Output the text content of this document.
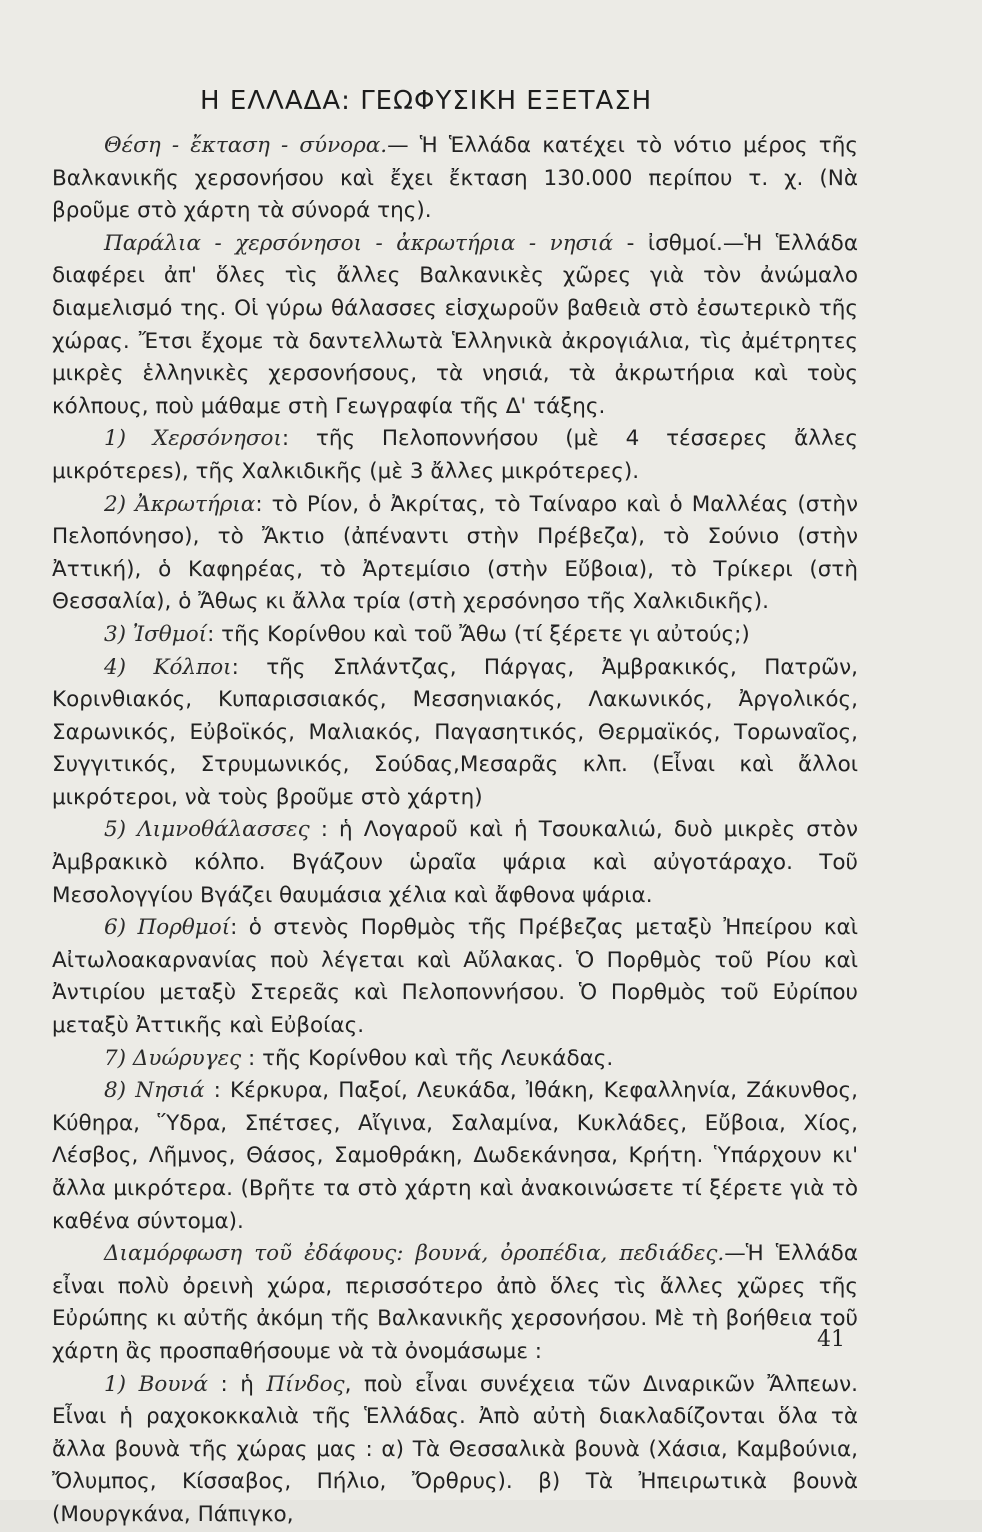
Η ΕΛΛΑΔΑ: ΓΕΩΦΥΣΙΚΗ ΕΞΕΤΑΣΗ

Θέση - ἔκταση - σύνορα.— Ἡ Ἑλλάδα κατέχει τὸ νότιο μέρος τῆς Βαλκανικῆς χερσονήσου καὶ ἔχει ἔκταση 130.000 περίπου τ. χ. (Νὰ βροῦμε στὸ χάρτη τὰ σύνορά της).

Παράλια - χερσόνησοι - ἀκρωτήρια - νησιά - ἰσθμοί.—Ἡ Ἑλλάδα διαφέρει ἀπ' ὅλες τὶς ἄλλες Βαλκανικὲς χῶρες γιὰ τὸν ἀνώμαλο διαμελισμό της. Οἱ γύρω θάλασσες εἰσχωροῦν βαθειὰ στὸ ἐσωτερικὸ τῆς χώρας. Ἔτσι ἔχομε τὰ δαντελλωτὰ Ἑλληνικὰ ἀκρογιάλια, τὶς ἀμέτρητες μικρὲς ἑλληνικὲς χερσονήσους, τὰ νησιά, τὰ ἀκρωτήρια καὶ τοὺς κόλπους, ποὺ μάθαμε στὴ Γεωγραφία τῆς Δ' τάξης.

1) Χερσόνησοι: τῆς Πελοποννήσου (μὲ 4 τέσσερες ἄλλες μικρότερεs), τῆς Χαλκιδικῆς (μὲ 3 ἄλλες μικρότερες).

2) Ἀκρωτήρια: τὸ Ρίον, ὁ Ἀκρίτας, τὸ Ταίναρο καὶ ὁ Μαλλέας (στὴν Πελοπόνησο), τὸ Ἄκτιο (ἀπέναντι στὴν Πρέβεζα), τὸ Σούνιο (στὴν Ἀττική), ὁ Καφηρέας, τὸ Ἀρτεμίσιο (στὴν Εὔβοια), τὸ Τρίκερι (στὴ Θεσσαλία), ὁ Ἄθως κι ἄλλα τρία (στὴ χερσόνησο τῆς Χαλκιδικῆς).

3) Ἰσθμοί: τῆς Κορίνθου καὶ τοῦ Ἄθω (τί ξέρετε γι αὐτούς;)

4) Κόλποι: τῆς Σπλάντζας, Πάργας, Ἀμβρακικός, Πατρῶν, Κορινθιακός, Κυπαρισσιακός, Μεσσηνιακός, Λακωνικός, Ἀργολικός, Σαρωνικός, Εὐβοϊκός, Μαλιακός, Παγασητικός, Θερμαϊκός, Τορωναῖος, Συγγιτικός, Στρυμωνικός, Σούδας,Μεσαρᾶς κλπ. (Εἶναι καὶ ἄλλοι μικρότεροι, νὰ τοὺς βροῦμε στὸ χάρτη)

5) Λιμνοθάλασσες : ἡ Λογαροῦ καὶ ἡ Τσουκαλιώ, δυὸ μικρὲς στὸν Ἀμβρακικὸ κόλπο. Βγάζουν ὡραῖα ψάρια καὶ αὐγοτάραχο. Τοῦ Μεσολογγίου Βγάζει θαυμάσια χέλια καὶ ἄφθονα ψάρια.

6) Πορθμοί: ὁ στενὸς Πορθμὸς τῆς Πρέβεζας μεταξὺ Ἠπείρου καὶ Αἰτωλοακαρνανίας ποὺ λέγεται καὶ Αὔλακας. Ὁ Πορθμὸς τοῦ Ρίου καὶ Ἀντιρίου μεταξὺ Στερεᾶς καὶ Πελοποννήσου. Ὁ Πορθμὸς τοῦ Εὐρίπου μεταξὺ Ἀττικῆς καὶ Εὐβοίας.

7) Δυώρυγες : τῆς Κορίνθου καὶ τῆς Λευκάδας.

8) Νησιά : Κέρκυρα, Παξοί, Λευκάδα, Ἰθάκη, Κεφαλληνία, Ζάκυνθος, Κύθηρα, Ὕδρα, Σπέτσες, Αἴγινα, Σαλαμίνα, Κυκλάδες, Εὔβοια, Χίος, Λέσβος, Λῆμνος, Θάσος, Σαμοθράκη, Δωδεκάνησα, Κρήτη. Ὑπάρχουν κι' ἄλλα μικρότερα. (Βρῆτε τα στὸ χάρτη καὶ ἀνακοινώσετε τί ξέρετε γιὰ τὸ καθένα σύντομα).

Διαμόρφωση τοῦ ἐδάφους: βουνά, ὀροπέδια, πεδιάδες.—Ἡ Ἑλλάδα εἶναι πολὺ ὀρεινὴ χώρα, περισσότερο ἀπὸ ὅλες τὶς ἄλλες χῶρες τῆς Εὐρώπης κι αὐτῆς ἀκόμη τῆς Βαλκανικῆς χερσονήσου. Μὲ τὴ βοήθεια τοῦ χάρτη ἂς προσπαθήσουμε νὰ τὰ ὀνομάσωμε :

1) Βουνά : ἡ Πίνδος, ποὺ εἶναι συνέχεια τῶν Διναρικῶν Ἄλπεων. Εἶναι ἡ ραχοκοκκαλιὰ τῆς Ἑλλάδας. Ἀπὸ αὐτὴ διακλαδίζονται ὅλα τὰ ἄλλα βουνὰ τῆς χώρας μας : α) Τὰ Θεσσαλικὰ βουνὰ (Χάσια, Καμβούνια, Ὄλυμπος, Κίσσαβος, Πήλιο, Ὄρθρυς). β) Τὰ Ἠπειρωτικὰ βουνὰ (Μουργκάνα, Πάπιγκο,

41
